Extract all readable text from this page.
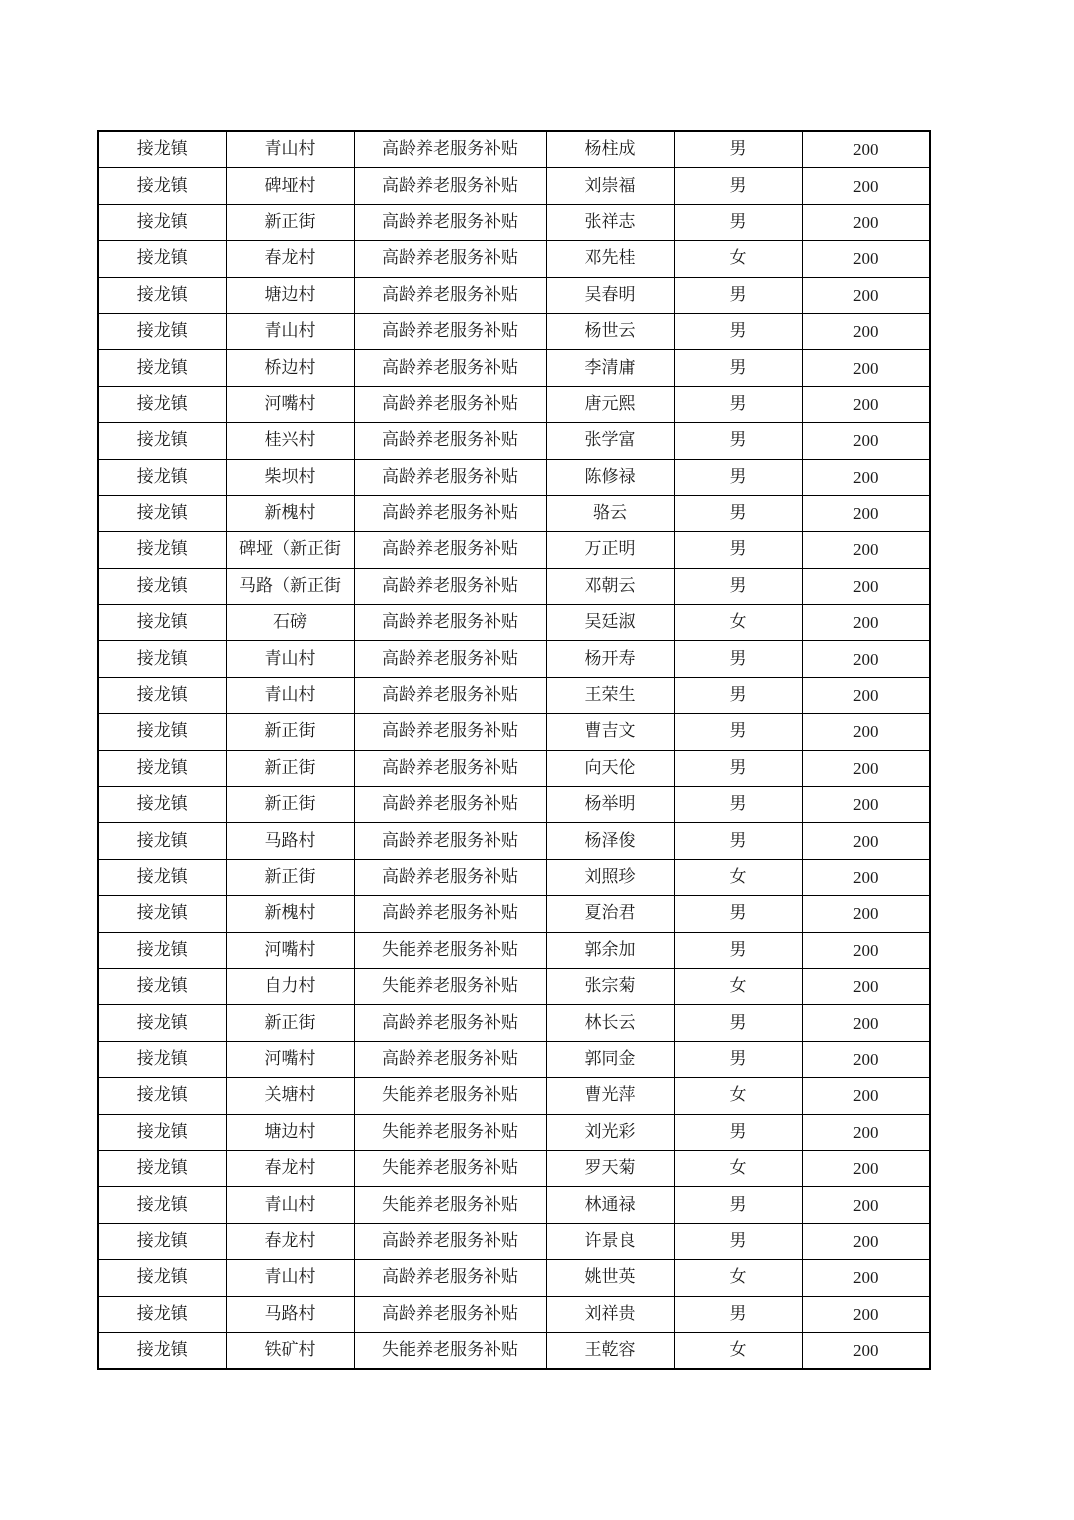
接龙镇	青山村	高龄养老服务补贴	杨柱成	男	200
接龙镇	碑垭村	高龄养老服务补贴	刘崇福	男	200
接龙镇	新正街	高龄养老服务补贴	张祥志	男	200
接龙镇	春龙村	高龄养老服务补贴	邓先桂	女	200
接龙镇	塘边村	高龄养老服务补贴	吴春明	男	200
接龙镇	青山村	高龄养老服务补贴	杨世云	男	200
接龙镇	桥边村	高龄养老服务补贴	李清庸	男	200
接龙镇	河嘴村	高龄养老服务补贴	唐元熙	男	200
接龙镇	桂兴村	高龄养老服务补贴	张学富	男	200
接龙镇	柴坝村	高龄养老服务补贴	陈修禄	男	200
接龙镇	新槐村	高龄养老服务补贴	骆云	男	200
接龙镇	碑垭（新正街	高龄养老服务补贴	万正明	男	200
接龙镇	马路（新正街	高龄养老服务补贴	邓朝云	男	200
接龙镇	石磅	高龄养老服务补贴	吴廷淑	女	200
接龙镇	青山村	高龄养老服务补贴	杨开寿	男	200
接龙镇	青山村	高龄养老服务补贴	王荣生	男	200
接龙镇	新正街	高龄养老服务补贴	曹吉文	男	200
接龙镇	新正街	高龄养老服务补贴	向天伦	男	200
接龙镇	新正街	高龄养老服务补贴	杨举明	男	200
接龙镇	马路村	高龄养老服务补贴	杨泽俊	男	200
接龙镇	新正街	高龄养老服务补贴	刘照珍	女	200
接龙镇	新槐村	高龄养老服务补贴	夏治君	男	200
接龙镇	河嘴村	失能养老服务补贴	郭余加	男	200
接龙镇	自力村	失能养老服务补贴	张宗菊	女	200
接龙镇	新正街	高龄养老服务补贴	林长云	男	200
接龙镇	河嘴村	高龄养老服务补贴	郭同金	男	200
接龙镇	关塘村	失能养老服务补贴	曹光萍	女	200
接龙镇	塘边村	失能养老服务补贴	刘光彩	男	200
接龙镇	春龙村	失能养老服务补贴	罗天菊	女	200
接龙镇	青山村	失能养老服务补贴	林通禄	男	200
接龙镇	春龙村	高龄养老服务补贴	许景良	男	200
接龙镇	青山村	高龄养老服务补贴	姚世英	女	200
接龙镇	马路村	高龄养老服务补贴	刘祥贵	男	200
接龙镇	铁矿村	失能养老服务补贴	王乾容	女	200
